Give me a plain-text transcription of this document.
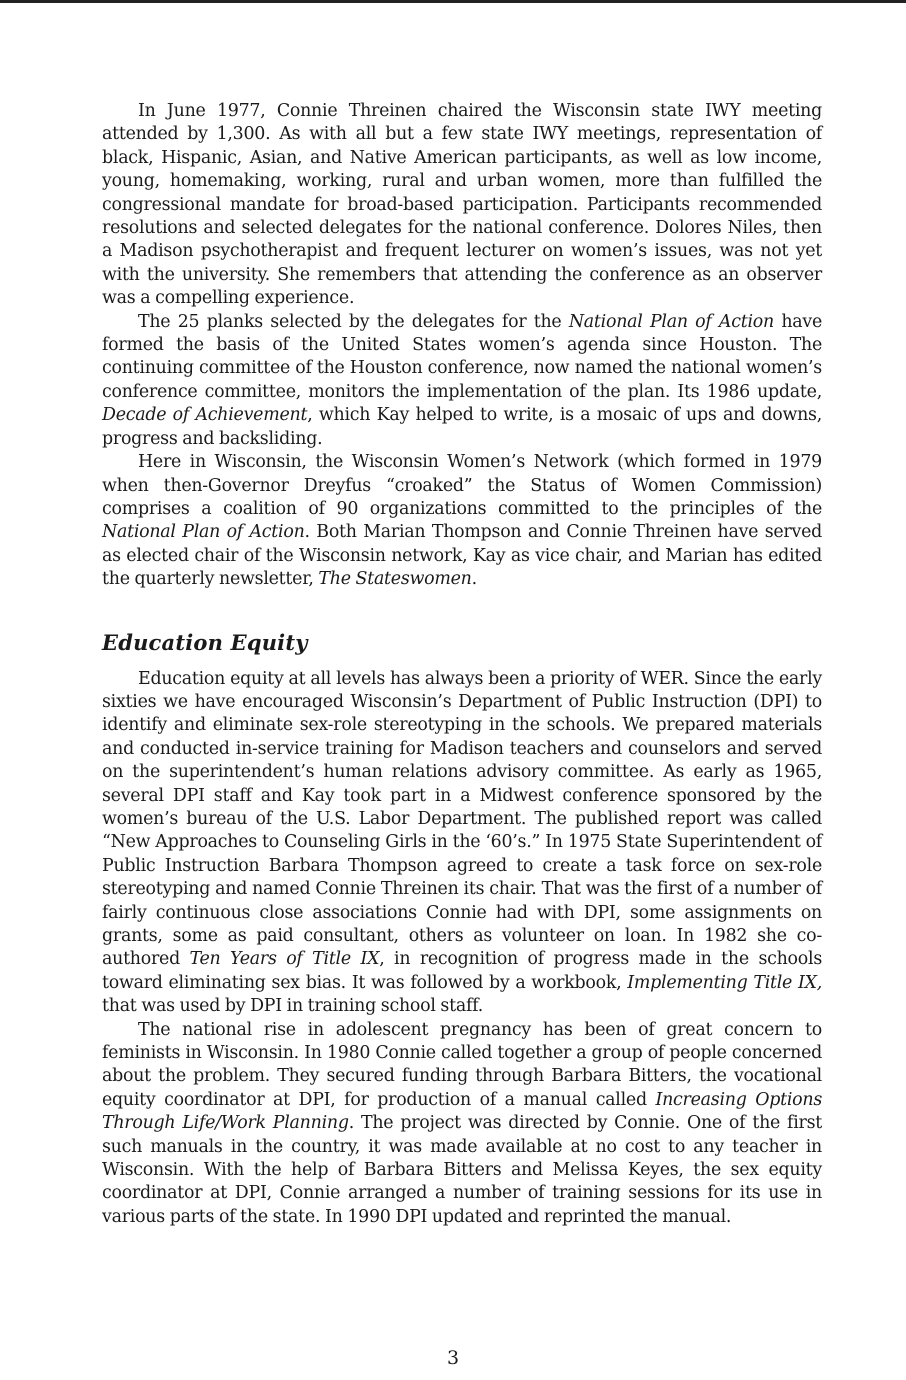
In June 1977, Connie Threinen chaired the Wisconsin state IWY meeting attended by 1,300. As with all but a few state IWY meetings, representation of black, Hispanic, Asian, and Native American participants, as well as low income, young, homemaking, working, rural and urban women, more than fulfilled the congressional mandate for broad-based participation. Participants recommended resolutions and selected delegates for the national conference. Dolores Niles, then a Madison psychotherapist and frequent lecturer on women’s issues, was not yet with the university. She remembers that attending the conference as an observer was a compelling experience.

The 25 planks selected by the delegates for the National Plan of Action have formed the basis of the United States women’s agenda since Houston. The continuing committee of the Houston conference, now named the national women’s conference committee, monitors the implementation of the plan. Its 1986 update, Decade of Achievement, which Kay helped to write, is a mosaic of ups and downs, progress and backsliding.

Here in Wisconsin, the Wisconsin Women’s Network (which formed in 1979 when then-Governor Dreyfus “croaked” the Status of Women Commission) comprises a coalition of 90 organizations committed to the principles of the National Plan of Action. Both Marian Thompson and Connie Threinen have served as elected chair of the Wisconsin network, Kay as vice chair, and Marian has edited the quarterly newsletter, The Stateswomen.

Education Equity

Education equity at all levels has always been a priority of WER. Since the early sixties we have encouraged Wisconsin’s Department of Public Instruction (DPI) to identify and eliminate sex-role stereotyping in the schools. We prepared materials and conducted in-service training for Madison teachers and counselors and served on the superintendent’s human relations advisory committee. As early as 1965, several DPI staff and Kay took part in a Midwest conference sponsored by the women’s bureau of the U.S. Labor Department. The published report was called “New Approaches to Counseling Girls in the ‘60’s.” In 1975 State Superintendent of Public Instruction Barbara Thompson agreed to create a task force on sex-role stereotyping and named Connie Threinen its chair. That was the first of a number of fairly continuous close associations Connie had with DPI, some assignments on grants, some as paid consultant, others as volunteer on loan. In 1982 she co-authored Ten Years of Title IX, in recognition of progress made in the schools toward eliminating sex bias. It was followed by a workbook, Implementing Title IX, that was used by DPI in training school staff.

The national rise in adolescent pregnancy has been of great concern to feminists in Wisconsin. In 1980 Connie called together a group of people concerned about the problem. They secured funding through Barbara Bitters, the vocational equity coordinator at DPI, for production of a manual called Increasing Options Through Life/Work Planning. The project was directed by Connie. One of the first such manuals in the country, it was made available at no cost to any teacher in Wisconsin. With the help of Barbara Bitters and Melissa Keyes, the sex equity coordinator at DPI, Connie arranged a number of training sessions for its use in various parts of the state. In 1990 DPI updated and reprinted the manual.

3
